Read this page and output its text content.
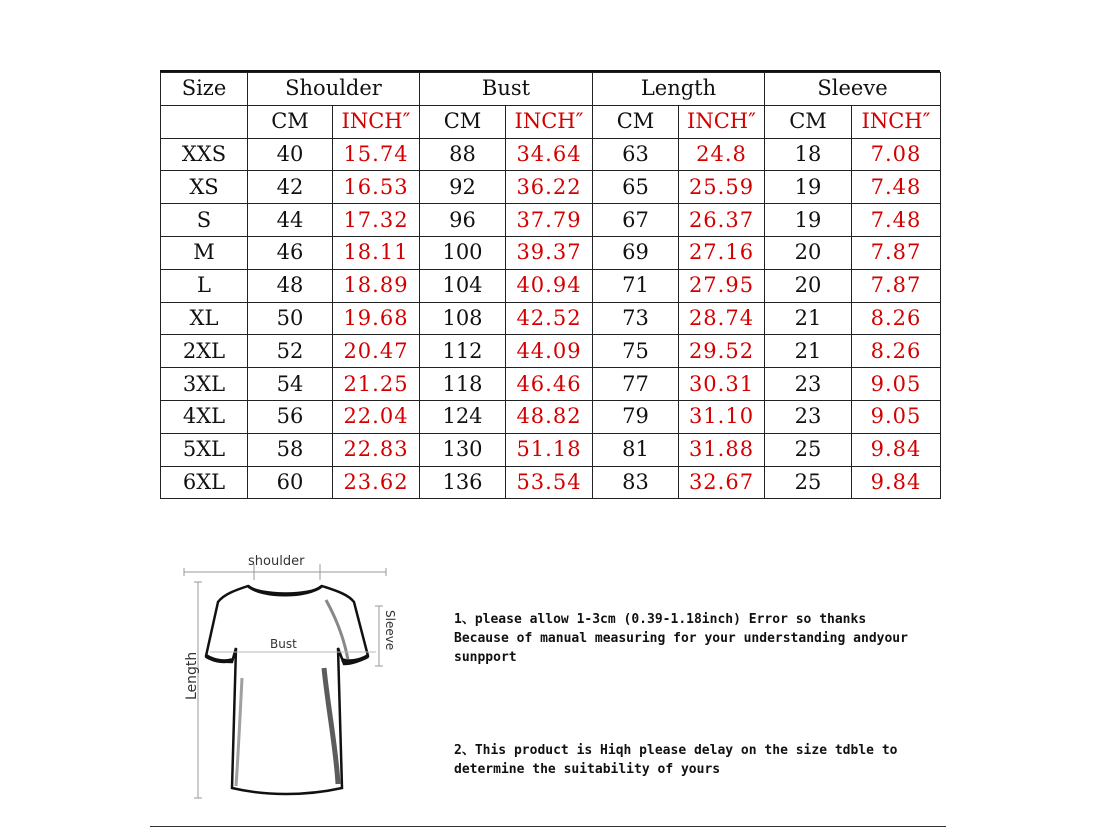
Size	Shoulder		Bust		Length		Sleeve	
	CM	INCH″	CM	INCH″	CM	INCH″	CM	INCH″
XXS	40	15.74	88	34.64	63	24.8	18	7.08
XS	42	16.53	92	36.22	65	25.59	19	7.48
S	44	17.32	96	37.79	67	26.37	19	7.48
M	46	18.11	100	39.37	69	27.16	20	7.87
L	48	18.89	104	40.94	71	27.95	20	7.87
XL	50	19.68	108	42.52	73	28.74	21	8.26
2XL	52	20.47	112	44.09	75	29.52	21	8.26
3XL	54	21.25	118	46.46	77	30.31	23	9.05
4XL	56	22.04	124	48.82	79	31.10	23	9.05
5XL	58	22.83	130	51.18	81	31.88	25	9.84
6XL	60	23.62	136	53.54	83	32.67	25	9.84
shoulder
Length
Sleeve
Bust
1、please allow 1-3cm (0.39-1.18inch) Error so thanks
Because of manual measuring for your understanding andyour
sunpport
2、This product is Hiqh please delay on the size tdble to
determine the suitability of yours
